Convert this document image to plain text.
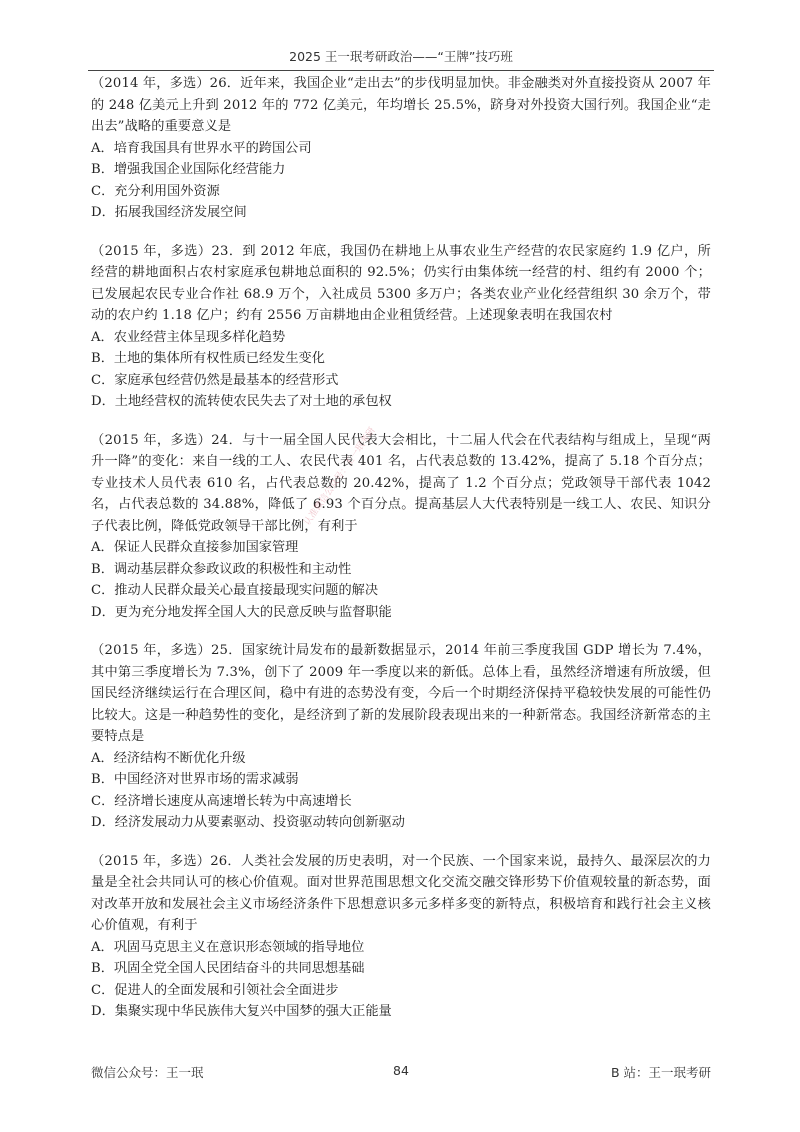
2025 王一珉考研政治——“王牌”技巧班

（2014 年，多选）26．近年来，我国企业“走出去”的步伐明显加快。非金融类对外直接投资从 2007 年的 248 亿美元上升到 2012 年的 772 亿美元，年均增长 25.5%，跻身对外投资大国行列。我国企业“走出去”战略的重要意义是

A．培育我国具有世界水平的跨国公司

B．增强我国企业国际化经营能力

C．充分利用国外资源

D．拓展我国经济发展空间

（2015 年，多选）23．到 2012 年底，我国仍在耕地上从事农业生产经营的农民家庭约 1.9 亿户，所经营的耕地面积占农村家庭承包耕地总面积的 92.5%；仍实行由集体统一经营的村、组约有 2000 个；已发展起农民专业合作社 68.9 万个，入社成员 5300 多万户；各类农业产业化经营组织 30 余万个，带动的农户约 1.18 亿户；约有 2556 万亩耕地由企业租赁经营。上述现象表明在我国农村

A．农业经营主体呈现多样化趋势

B．土地的集体所有权性质已经发生变化

C．家庭承包经营仍然是最基本的经营形式

D．土地经营权的流转使农民失去了对土地的承包权

（2015 年，多选）24．与十一届全国人民代表大会相比，十二届人代会在代表结构与组成上，呈现“两升一降”的变化：来自一线的工人、农民代表 401 名，占代表总数的 13.42%，提高了 5.18 个百分点；专业技术人员代表 610 名，占代表总数的 20.42%，提高了 1.2 个百分点；党政领导干部代表 1042 名，占代表总数的 34.88%，降低了 6.93 个百分点。提高基层人大代表特别是一线工人、农民、知识分子代表比例，降低党政领导干部比例，有利于

A．保证人民群众直接参加国家管理

B．调动基层群众参政议政的积极性和主动性

C．推动人民群众最关心最直接最现实问题的解决

D．更为充分地发挥全国人大的民意反映与监督职能

（2015 年，多选）25．国家统计局发布的最新数据显示，2014 年前三季度我国 GDP 增长为 7.4%，其中第三季度增长为 7.3%，创下了 2009 年一季度以来的新低。总体上看，虽然经济增速有所放缓，但国民经济继续运行在合理区间，稳中有进的态势没有变，今后一个时期经济保持平稳较快发展的可能性仍比较大。这是一种趋势性的变化，是经济到了新的发展阶段表现出来的一种新常态。我国经济新常态的主要特点是

A．经济结构不断优化升级

B．中国经济对世界市场的需求减弱

C．经济增长速度从高速增长转为中高速增长

D．经济发展动力从要素驱动、投资驱动转向创新驱动

（2015 年，多选）26．人类社会发展的历史表明，对一个民族、一个国家来说，最持久、最深层次的力量是全社会共同认可的核心价值观。面对世界范围思想文化交流交融交锋形势下价值观较量的新态势，面对改革开放和发展社会主义市场经济条件下思想意识多元多样多变的新特点，积极培育和践行社会主义核心价值观，有利于

A．巩固马克思主义在意识形态领域的指导地位

B．巩固全党全国人民团结奋斗的共同思想基础

C．促进人的全面发展和引领社会全面进步

D．集聚实现中华民族伟大复兴中国梦的强大正能量

认准微信公众号：王一珉考研
微信公众号：王一珉	84	B 站：王一珉考研
